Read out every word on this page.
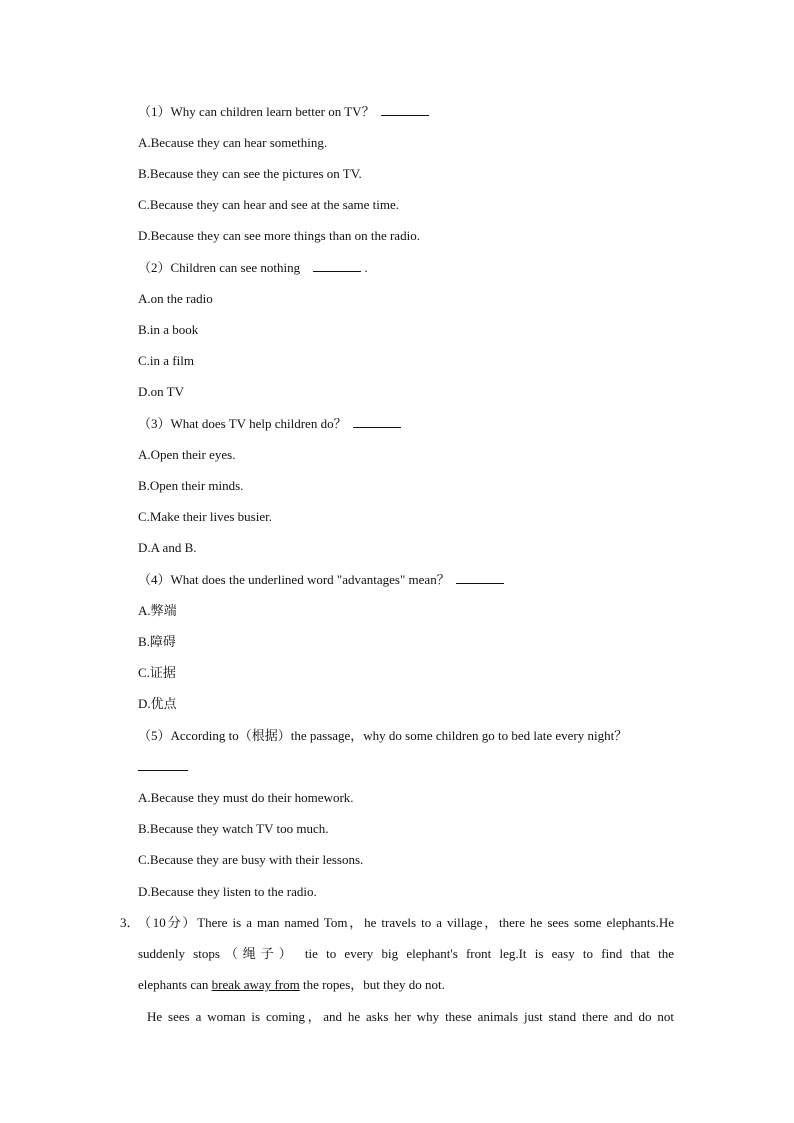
（1）Why can children learn better on TV？
A.Because they can hear something.
B.Because they can see the pictures on TV.
C.Because they can hear and see at the same time.
D.Because they can see more things than on the radio.
（2）Children can see nothing	.
A.on the radio
B.in a book
C.in a film
D.on TV
（3）What does TV help children do？
A.Open their eyes.
B.Open their minds.
C.Make their lives busier.
D.A and B.
（4）What does the underlined word "advantages" mean？
A.弊端
B.障碍
C.证据
D.优点
（5）According to（根据）the passage，why do some children go to bed late every night？
A.Because they must do their homework.
B.Because they watch TV too much.
C.Because they are busy with their lessons.
D.Because they listen to the radio.
3．
（10分）There is a man named Tom，he travels to a village，there he sees some elephants.He
suddenly stops（绳子） tie to every big elephant's front leg.It is easy to find that the
elephants can break away from the ropes，but they do not.
He sees a woman is coming，and he asks her why these animals just stand there and do not
